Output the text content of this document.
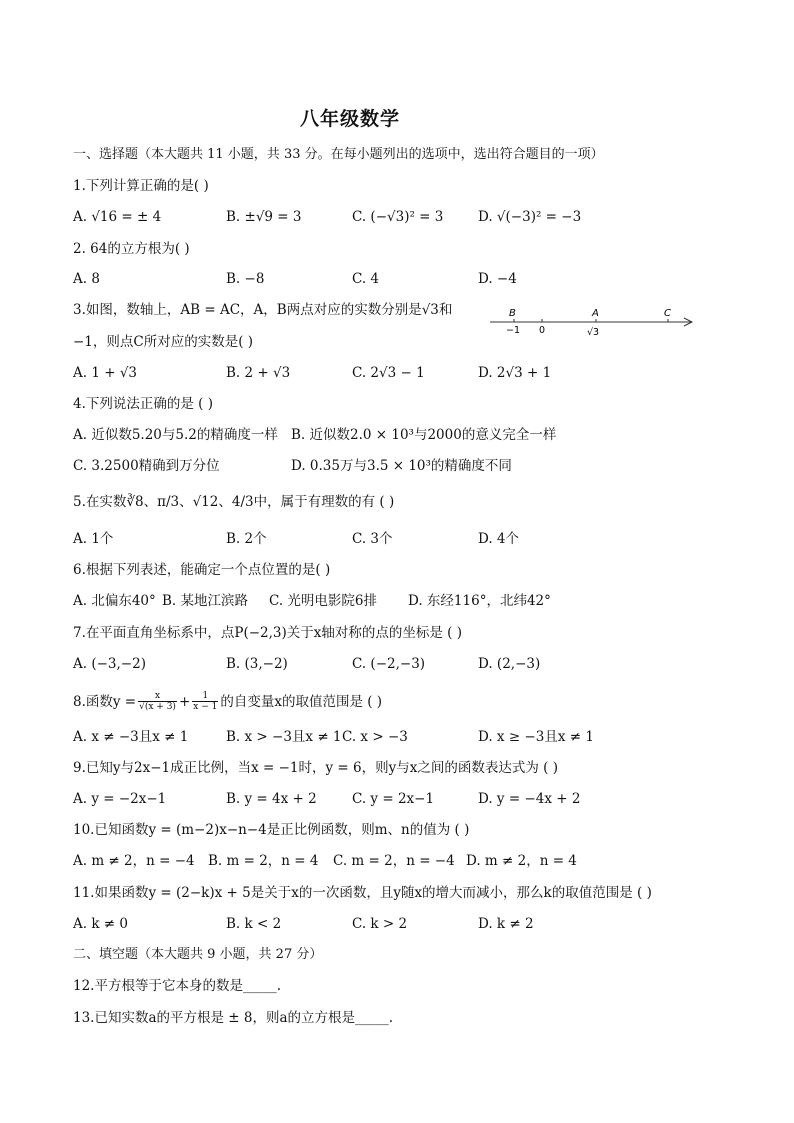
八年级数学
一、选择题（本大题共 11 小题，共 33 分。在每小题列出的选项中，选出符合题目的一项）
1.下列计算正确的是( )
A. √16 = ± 4	B. ±√9 = 3	C. (−√3)² = 3	D. √(−3)² = −3
2. 64的立方根为( )
A. 8	B. −8	C. 4	D. −4
3.如图，数轴上，AB = AC，A，B两点对应的实数分别是√3和
−1，则点C所对应的实数是( )
B	A	C
−1 0	√3
A. 1 + √3	B. 2 + √3	C. 2√3 − 1	D. 2√3 + 1
4.下列说法正确的是 ( )
A. 近似数5.20与5.2的精确度一样 B. 近似数2.0 × 10³与2000的意义完全一样
C. 3.2500精确到万分位	D. 0.35万与3.5 × 10³的精确度不同
5.在实数∛8、π/3、√12、4/3中，属于有理数的有 ( )
A. 1个	B. 2个	C. 3个	D. 4个
6.根据下列表述，能确定一个点位置的是( )
A. 北偏东40° B. 某地江滨路 C. 光明电影院6排 D. 东经116°，北纬42°
7.在平面直角坐标系中，点P(−2,3)关于x轴对称的点的坐标是 ( )
A. (−3,−2)	B. (3,−2)	C. (−2,−3)	D. (2,−3)
8.函数$y = \frac{x}{√(x + 3)} + \frac{1}{x - 1}$ 的自变量x的取值范围是 ( )
A. x ≠ −3且x ≠ 1	B. x > −3且x ≠ 1 C. x > −3	D. x ≥ −3且x ≠ 1
9.已知y与2x−1成正比例，当x = −1时，y = 6，则y与x之间的函数表达式为 ( )
A. y = −2x−1	B. y = 4x + 2	C. y = 2x−1	D. y = −4x + 2
10.已知函数y = (m−2)x−n−4是正比例函数，则m、n的值为 ( )
A. m ≠ 2，n = −4 B. m = 2，n = 4 C. m = 2，n = −4 D. m ≠ 2，n = 4
11.如果函数y = (2−k)x + 5是关于x的一次函数，且y随x的增大而减小，那么k的取值范围是 ( )
A. k ≠ 0	B. k < 2	C. k > 2	D. k ≠ 2
二、填空题（本大题共 9 小题，共 27 分）
12.平方根等于它本身的数是_____.
13.已知实数a的平方根是 ± 8，则a的立方根是_____.
